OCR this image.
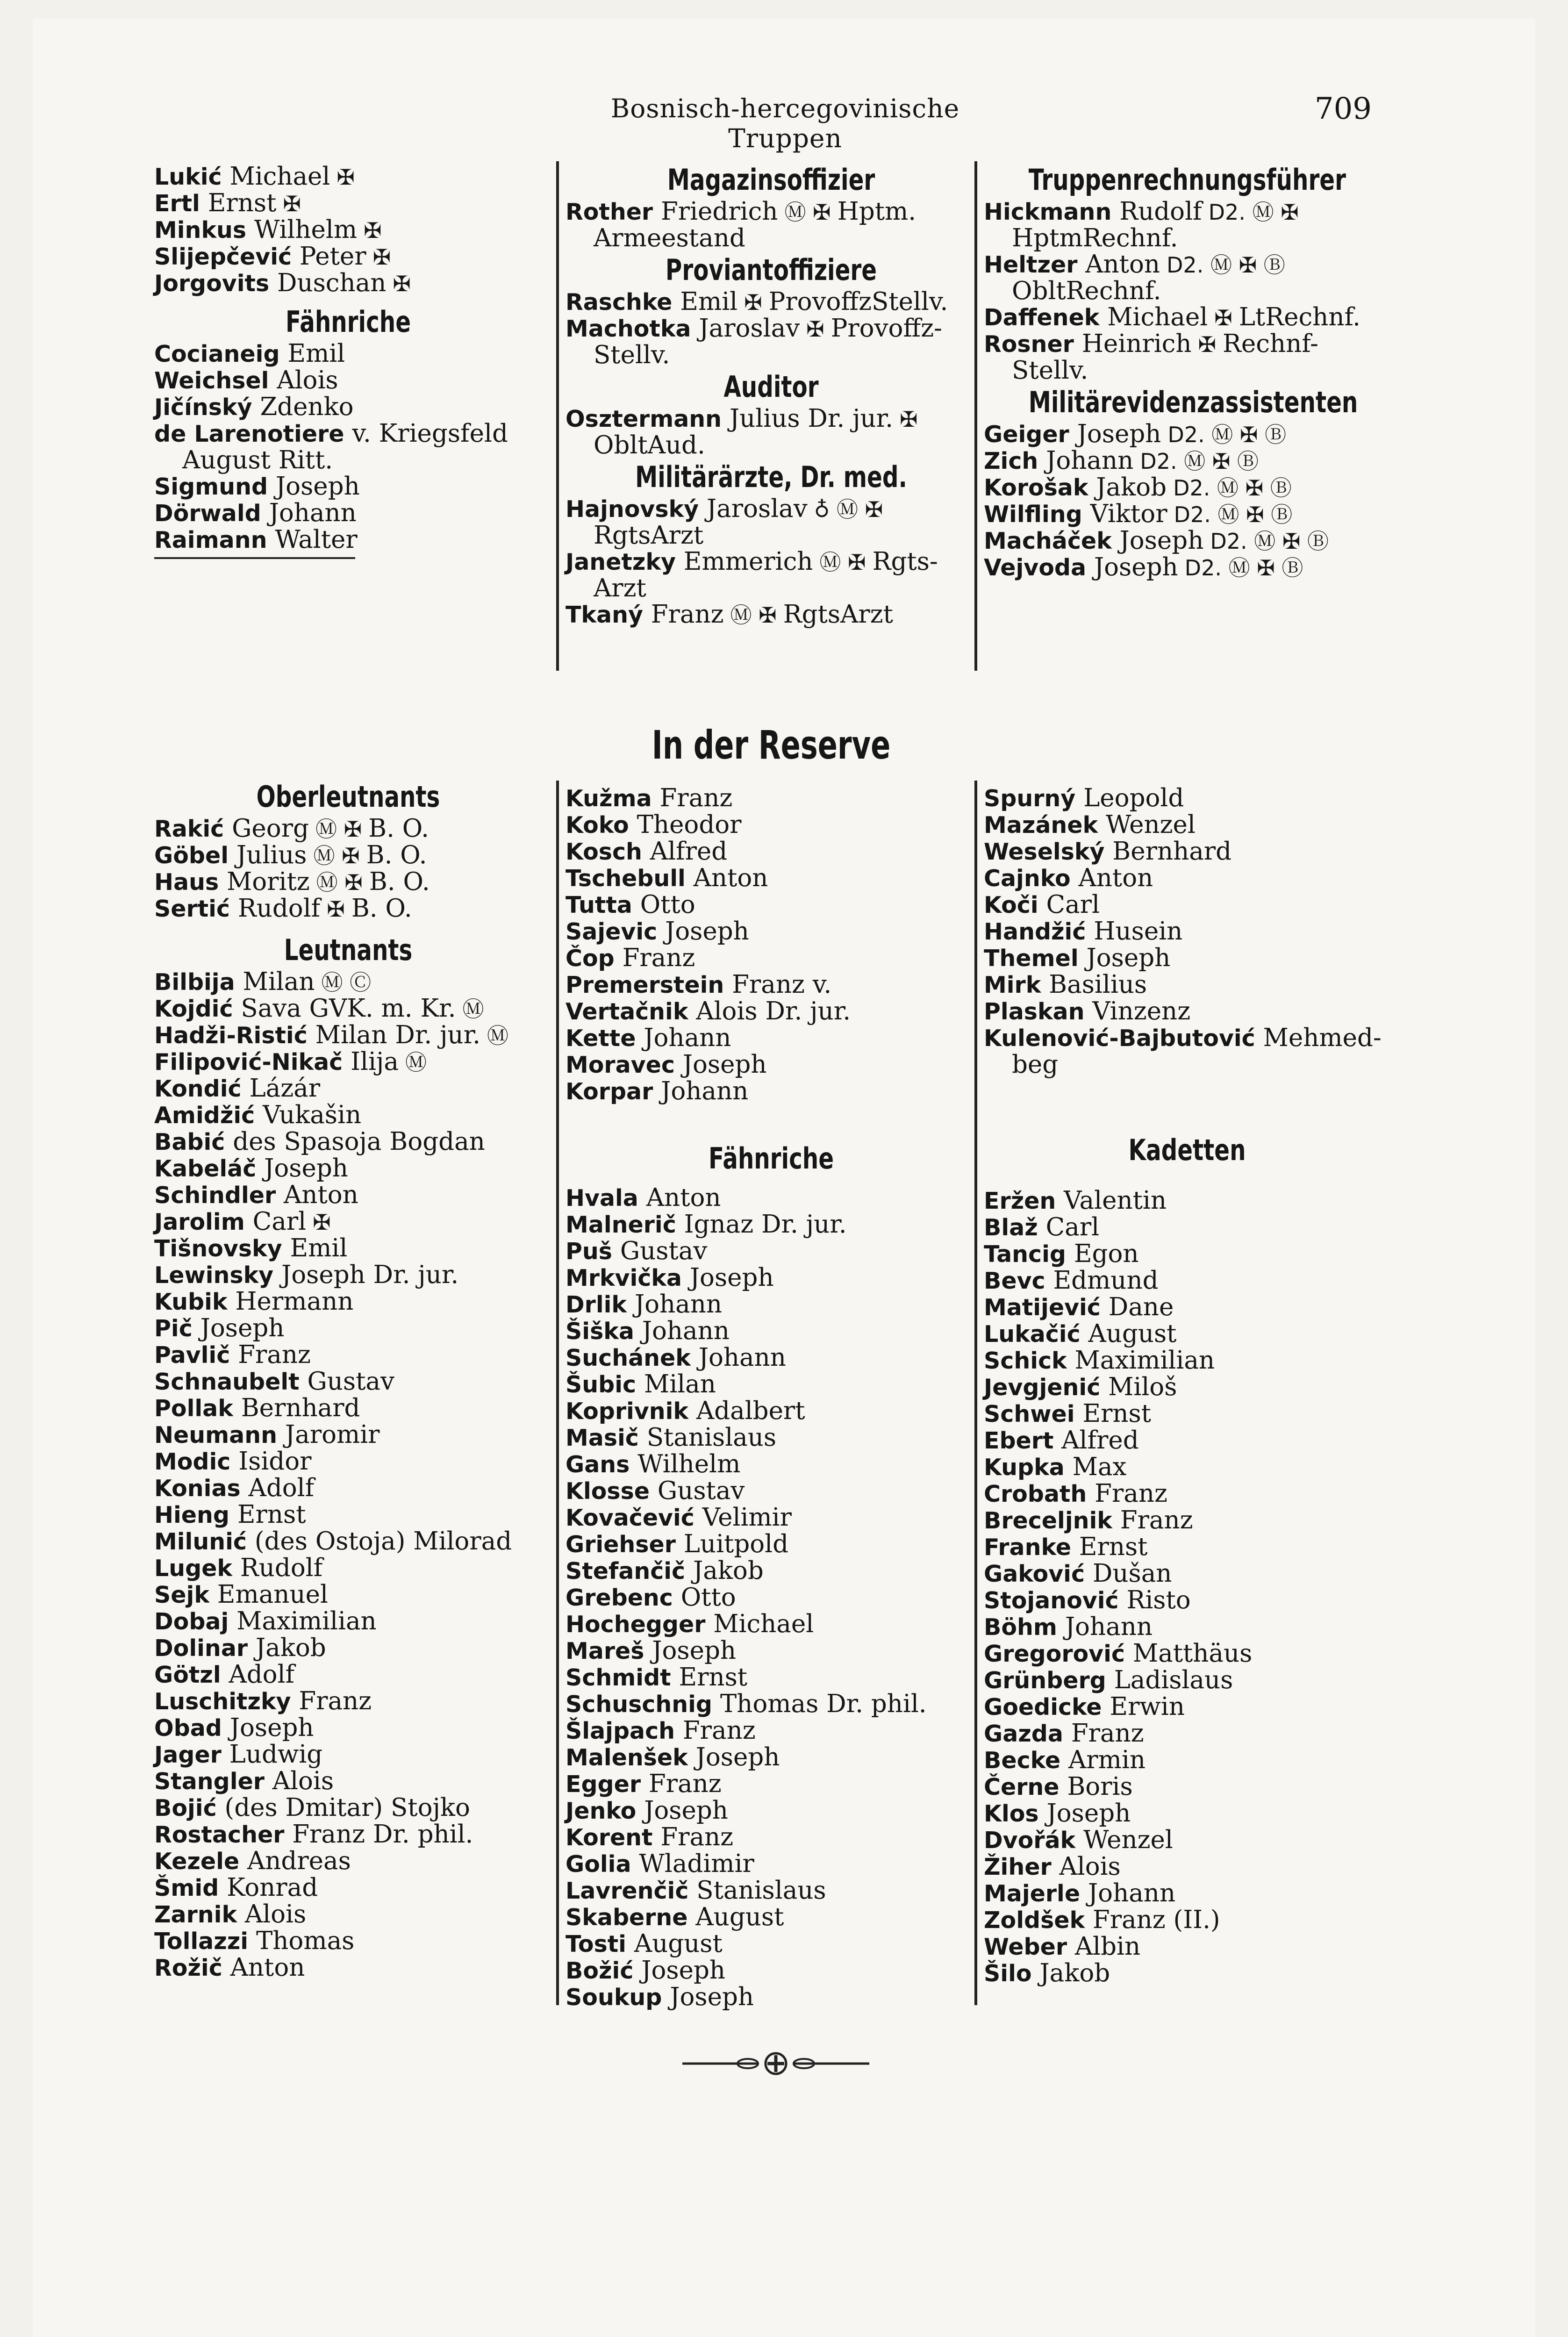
Bosnisch-hercegovinische Truppen
709
Lukić Michael ✠
Ertl Ernst ✠
Minkus Wilhelm ✠
Slijepčević Peter ✠
Jorgovits Duschan ✠
Fähnriche
Cocianeig Emil
Weichsel Alois
Jičínský Zdenko
de Larenotiere v. Kriegsfeld
August Ritt.
Sigmund Joseph
Dörwald Johann
Raimann Walter
Magazinsoffizier
Rother Friedrich Ⓜ ✠ Hptm.
Armeestand
Proviantoffiziere
Raschke Emil ✠ ProvoffzStellv.
Machotka Jaroslav ✠ Provoffz-
Stellv.
Auditor
Osztermann Julius Dr. jur. ✠
ObltAud.
Militärärzte, Dr. med.
Hajnovský Jaroslav ♁ Ⓜ ✠
RgtsArzt
Janetzky Emmerich Ⓜ ✠ Rgts-
Arzt
Tkaný Franz Ⓜ ✠ RgtsArzt
Truppenrechnungsführer
Hickmann Rudolf D2. Ⓜ ✠
HptmRechnf.
Heltzer Anton D2. Ⓜ ✠ Ⓑ
ObltRechnf.
Daffenek Michael ✠ LtRechnf.
Rosner Heinrich ✠ Rechnf-
Stellv.
Militärevidenzassistenten
Geiger Joseph D2. Ⓜ ✠ Ⓑ
Zich Johann D2. Ⓜ ✠ Ⓑ
Korošak Jakob D2. Ⓜ ✠ Ⓑ
Wilfling Viktor D2. Ⓜ ✠ Ⓑ
Macháček Joseph D2. Ⓜ ✠ Ⓑ
Vejvoda Joseph D2. Ⓜ ✠ Ⓑ
In der Reserve
Oberleutnants
Rakić Georg Ⓜ ✠ B. O.
Göbel Julius Ⓜ ✠ B. O.
Haus Moritz Ⓜ ✠ B. O.
Sertić Rudolf ✠ B. O.
Leutnants
Bilbija Milan Ⓜ Ⓒ
Kojdić Sava GVK. m. Kr. Ⓜ
Hadži-Ristić Milan Dr. jur. Ⓜ
Filipović-Nikač Ilija Ⓜ
Kondić Lázár
Amidžić Vukašin
Babić des Spasoja Bogdan
Kabeláč Joseph
Schindler Anton
Jarolim Carl ✠
Tišnovsky Emil
Lewinsky Joseph Dr. jur.
Kubik Hermann
Pič Joseph
Pavlič Franz
Schnaubelt Gustav
Pollak Bernhard
Neumann Jaromir
Modic Isidor
Konias Adolf
Hieng Ernst
Milunić (des Ostoja) Milorad
Lugek Rudolf
Sejk Emanuel
Dobaj Maximilian
Dolinar Jakob
Götzl Adolf
Luschitzky Franz
Obad Joseph
Jager Ludwig
Stangler Alois
Bojić (des Dmitar) Stojko
Rostacher Franz Dr. phil.
Kezele Andreas
Šmid Konrad
Zarnik Alois
Tollazzi Thomas
Rožič Anton
Kužma Franz
Koko Theodor
Kosch Alfred
Tschebull Anton
Tutta Otto
Sajevic Joseph
Čop Franz
Premerstein Franz v.
Vertačnik Alois Dr. jur.
Kette Johann
Moravec Joseph
Korpar Johann
Fähnriche
Hvala Anton
Malnerič Ignaz Dr. jur.
Puš Gustav
Mrkvička Joseph
Drlik Johann
Šiška Johann
Suchánek Johann
Šubic Milan
Koprivnik Adalbert
Masič Stanislaus
Gans Wilhelm
Klosse Gustav
Kovačević Velimir
Griehser Luitpold
Stefančič Jakob
Grebenc Otto
Hochegger Michael
Mareš Joseph
Schmidt Ernst
Schuschnig Thomas Dr. phil.
Šlajpach Franz
Malenšek Joseph
Egger Franz
Jenko Joseph
Korent Franz
Golia Wladimir
Lavrenčič Stanislaus
Skaberne August
Tosti August
Božić Joseph
Soukup Joseph
Spurný Leopold
Mazánek Wenzel
Weselský Bernhard
Cajnko Anton
Koči Carl
Handžić Husein
Themel Joseph
Mirk Basilius
Plaskan Vinzenz
Kulenović-Bajbutović Mehmed-
beg
Kadetten
Eržen Valentin
Blaž Carl
Tancig Egon
Bevc Edmund
Matijević Dane
Lukačić August
Schick Maximilian
Jevgjenić Miloš
Schwei Ernst
Ebert Alfred
Kupka Max
Crobath Franz
Breceljnik Franz
Franke Ernst
Gaković Dušan
Stojanović Risto
Böhm Johann
Gregorović Matthäus
Grünberg Ladislaus
Goedicke Erwin
Gazda Franz
Becke Armin
Černe Boris
Klos Joseph
Dvořák Wenzel
Žiher Alois
Majerle Johann
Zoldšek Franz (II.)
Weber Albin
Šilo Jakob
